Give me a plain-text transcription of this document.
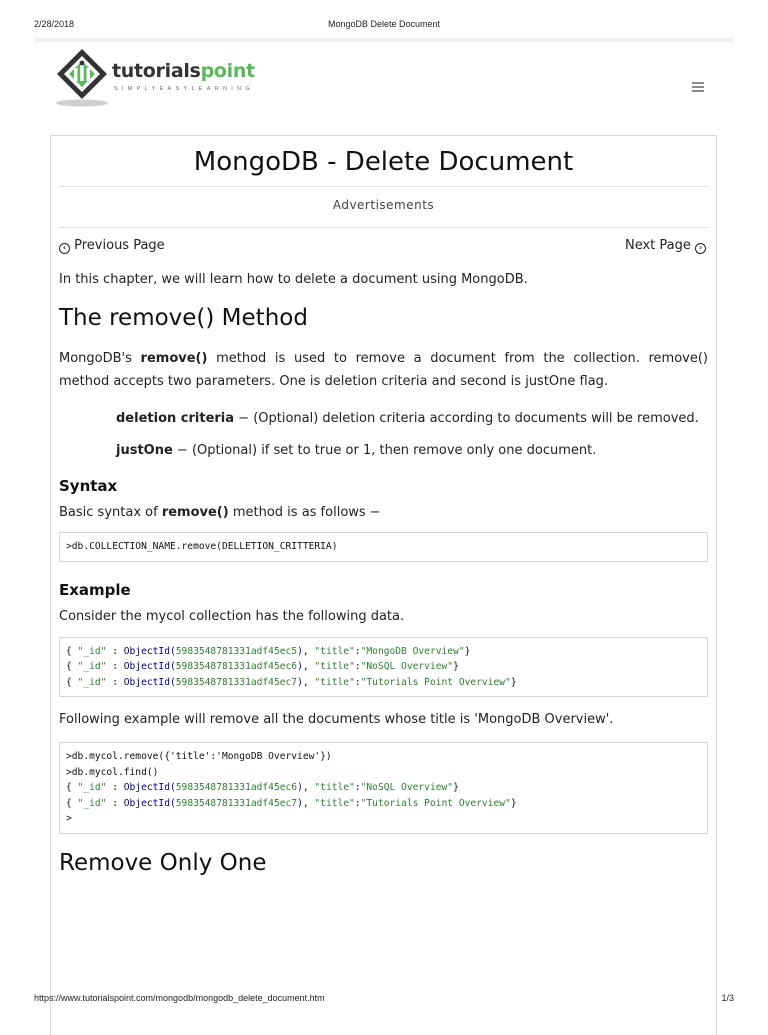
2/28/2018	MongoDB Delete Document
tutorialspoint
SIMPLYEASYLEARNING
MongoDB - Delete Document
Advertisements
‹ Previous Page	Next Page ›

In this chapter, we will learn how to delete a document using MongoDB.

The remove() Method

MongoDB's remove() method is used to remove a document from the collection. remove() method accepts two parameters. One is deletion criteria and second is justOne flag.

deletion criteria − (Optional) deletion criteria according to documents will be removed.

justOne − (Optional) if set to true or 1, then remove only one document.

Syntax

Basic syntax of remove() method is as follows −

>db.COLLECTION_NAME.remove(DELLETION_CRITTERIA)
Example

Consider the mycol collection has the following data.

{ "_id" : ObjectId(5983548781331adf45ec5), "title":"MongoDB Overview"}
{ "_id" : ObjectId(5983548781331adf45ec6), "title":"NoSQL Overview"}
{ "_id" : ObjectId(5983548781331adf45ec7), "title":"Tutorials Point Overview"}

Following example will remove all the documents whose title is 'MongoDB Overview'.

>db.mycol.remove({'title':'MongoDB Overview'})
>db.mycol.find()
{ "_id" : ObjectId(5983548781331adf45ec6), "title":"NoSQL Overview"}
{ "_id" : ObjectId(5983548781331adf45ec7), "title":"Tutorials Point Overview"}
>
Remove Only One
https://www.tutorialspoint.com/mongodb/mongodb_delete_document.htm	1/3
